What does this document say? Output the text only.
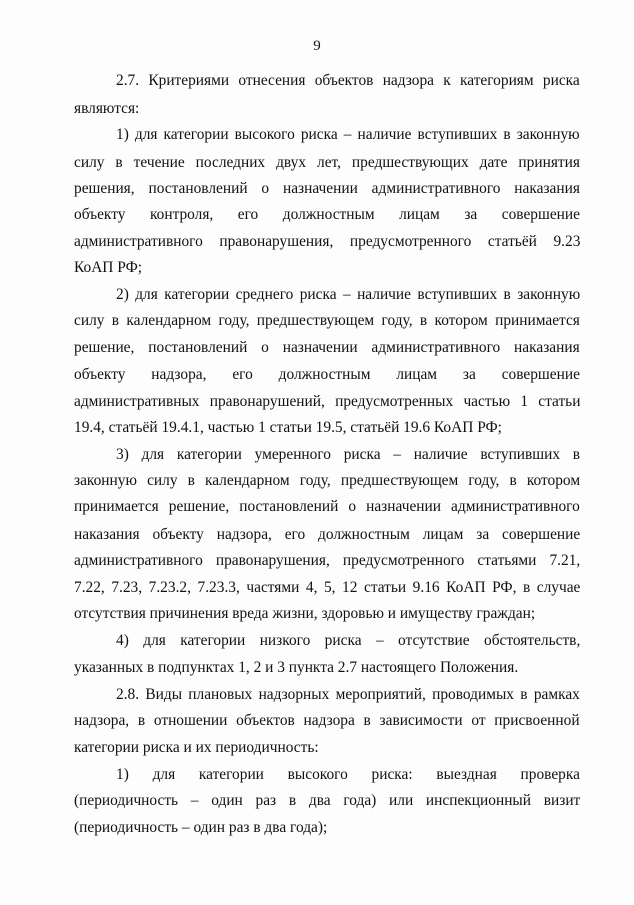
9
2.7. Критериями отнесения объектов надзора к категориям риска
являются:
1) для категории высокого риска – наличие вступивших в законную
силу в течение последних двух лет, предшествующих дате принятия
решения, постановлений о назначении административного наказания
объекту контроля, его должностным лицам за совершение
административного правонарушения, предусмотренного статьёй 9.23
КоАП РФ;
2) для категории среднего риска – наличие вступивших в законную
силу в календарном году, предшествующем году, в котором принимается
решение, постановлений о назначении административного наказания
объекту надзора, его должностным лицам за совершение
административных правонарушений, предусмотренных частью 1 статьи
19.4, статьёй 19.4.1, частью 1 статьи 19.5, статьёй 19.6 КоАП РФ;
3) для категории умеренного риска – наличие вступивших в
законную силу в календарном году, предшествующем году, в котором
принимается решение, постановлений о назначении административного
наказания объекту надзора, его должностным лицам за совершение
административного правонарушения, предусмотренного статьями 7.21,
7.22, 7.23, 7.23.2, 7.23.3, частями 4, 5, 12 статьи 9.16 КоАП РФ, в случае
отсутствия причинения вреда жизни, здоровью и имуществу граждан;
4) для категории низкого риска – отсутствие обстоятельств,
указанных в подпунктах 1, 2 и 3 пункта 2.7 настоящего Положения.
2.8. Виды плановых надзорных мероприятий, проводимых в рамках
надзора, в отношении объектов надзора в зависимости от присвоенной
категории риска и их периодичность:
1) для категории высокого риска: выездная проверка
(периодичность – один раз в два года) или инспекционный визит
(периодичность – один раз в два года);
